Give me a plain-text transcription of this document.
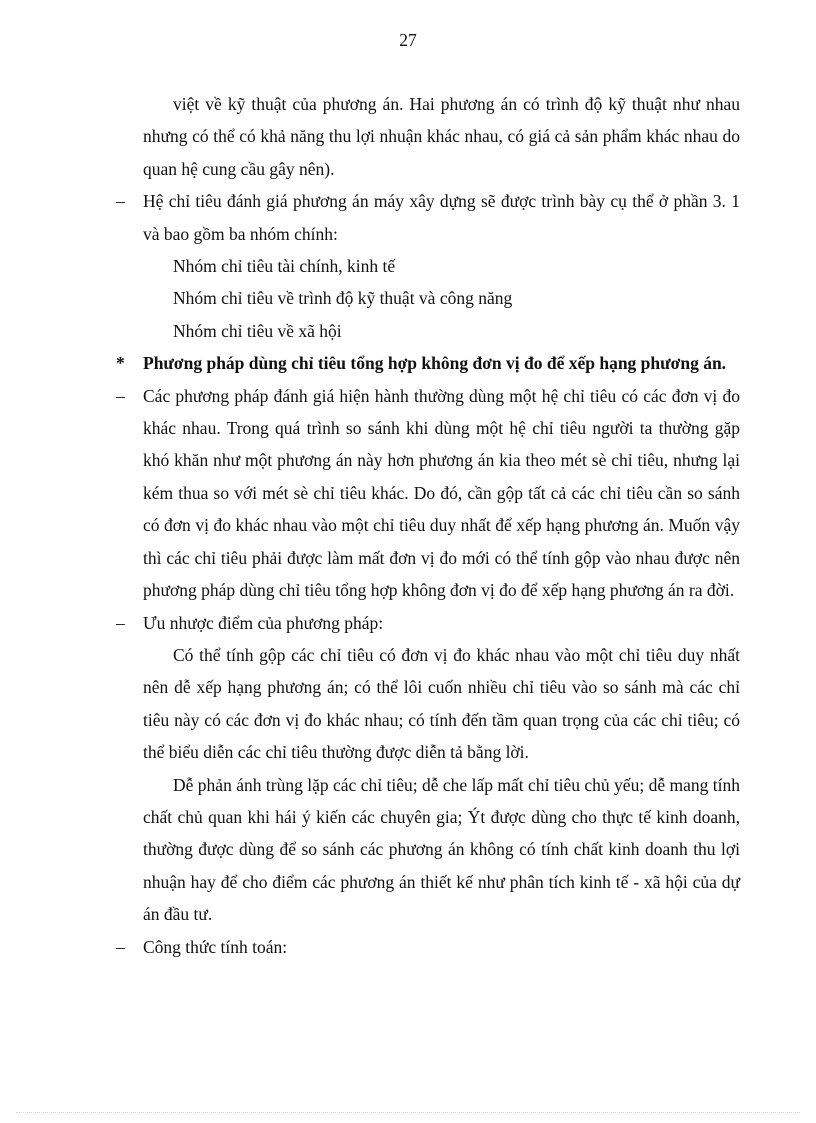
27

việt về kỹ thuật của phương án. Hai phương án có trình độ kỹ thuật như nhau nhưng có thể có khả năng thu lợi nhuận khác nhau, có giá cả sản phẩm khác nhau do quan hệ cung cầu gây nên).

– Hệ chỉ tiêu đánh giá phương án máy xây dựng sẽ được trình bày cụ thể ở phần 3. 1 và bao gồm ba nhóm chính:

Nhóm chỉ tiêu tài chính, kinh tế

Nhóm chỉ tiêu về trình độ kỹ thuật và công năng

Nhóm chỉ tiêu về xã hội

* Phương pháp dùng chỉ tiêu tổng hợp không đơn vị đo để xếp hạng phương án.

– Các phương pháp đánh giá hiện hành thường dùng một hệ chỉ tiêu có các đơn vị đo khác nhau. Trong quá trình so sánh khi dùng một hệ chỉ tiêu người ta thường gặp khó khăn như một phương án này hơn phương án kia theo mét sè chỉ tiêu, nhưng lại kém thua so với mét sè chỉ tiêu khác. Do đó, cần gộp tất cả các chỉ tiêu cần so sánh có đơn vị đo khác nhau vào một chỉ tiêu duy nhất để xếp hạng phương án. Muốn vậy thì các chỉ tiêu phải được làm mất đơn vị đo mới có thể tính gộp vào nhau được nên phương pháp dùng chỉ tiêu tổng hợp không đơn vị đo để xếp hạng phương án ra đời.

– Ưu nhược điểm của phương pháp:

Có thể tính gộp các chỉ tiêu có đơn vị đo khác nhau vào một chỉ tiêu duy nhất nên dễ xếp hạng phương án; có thể lôi cuốn nhiều chỉ tiêu vào so sánh mà các chỉ tiêu này có các đơn vị đo khác nhau; có tính đến tầm quan trọng của các chỉ tiêu; có thể biểu diễn các chỉ tiêu thường được diễn tả bằng lời.

Dễ phản ánh trùng lặp các chỉ tiêu; dễ che lấp mất chỉ tiêu chủ yếu; dễ mang tính chất chủ quan khi hái ý kiến các chuyên gia; Ýt được dùng cho thực tế kinh doanh, thường được dùng để so sánh các phương án không có tính chất kinh doanh thu lợi nhuận hay để cho điểm các phương án thiết kế như phân tích kinh tế - xã hội của dự án đầu tư.

– Công thức tính toán:
